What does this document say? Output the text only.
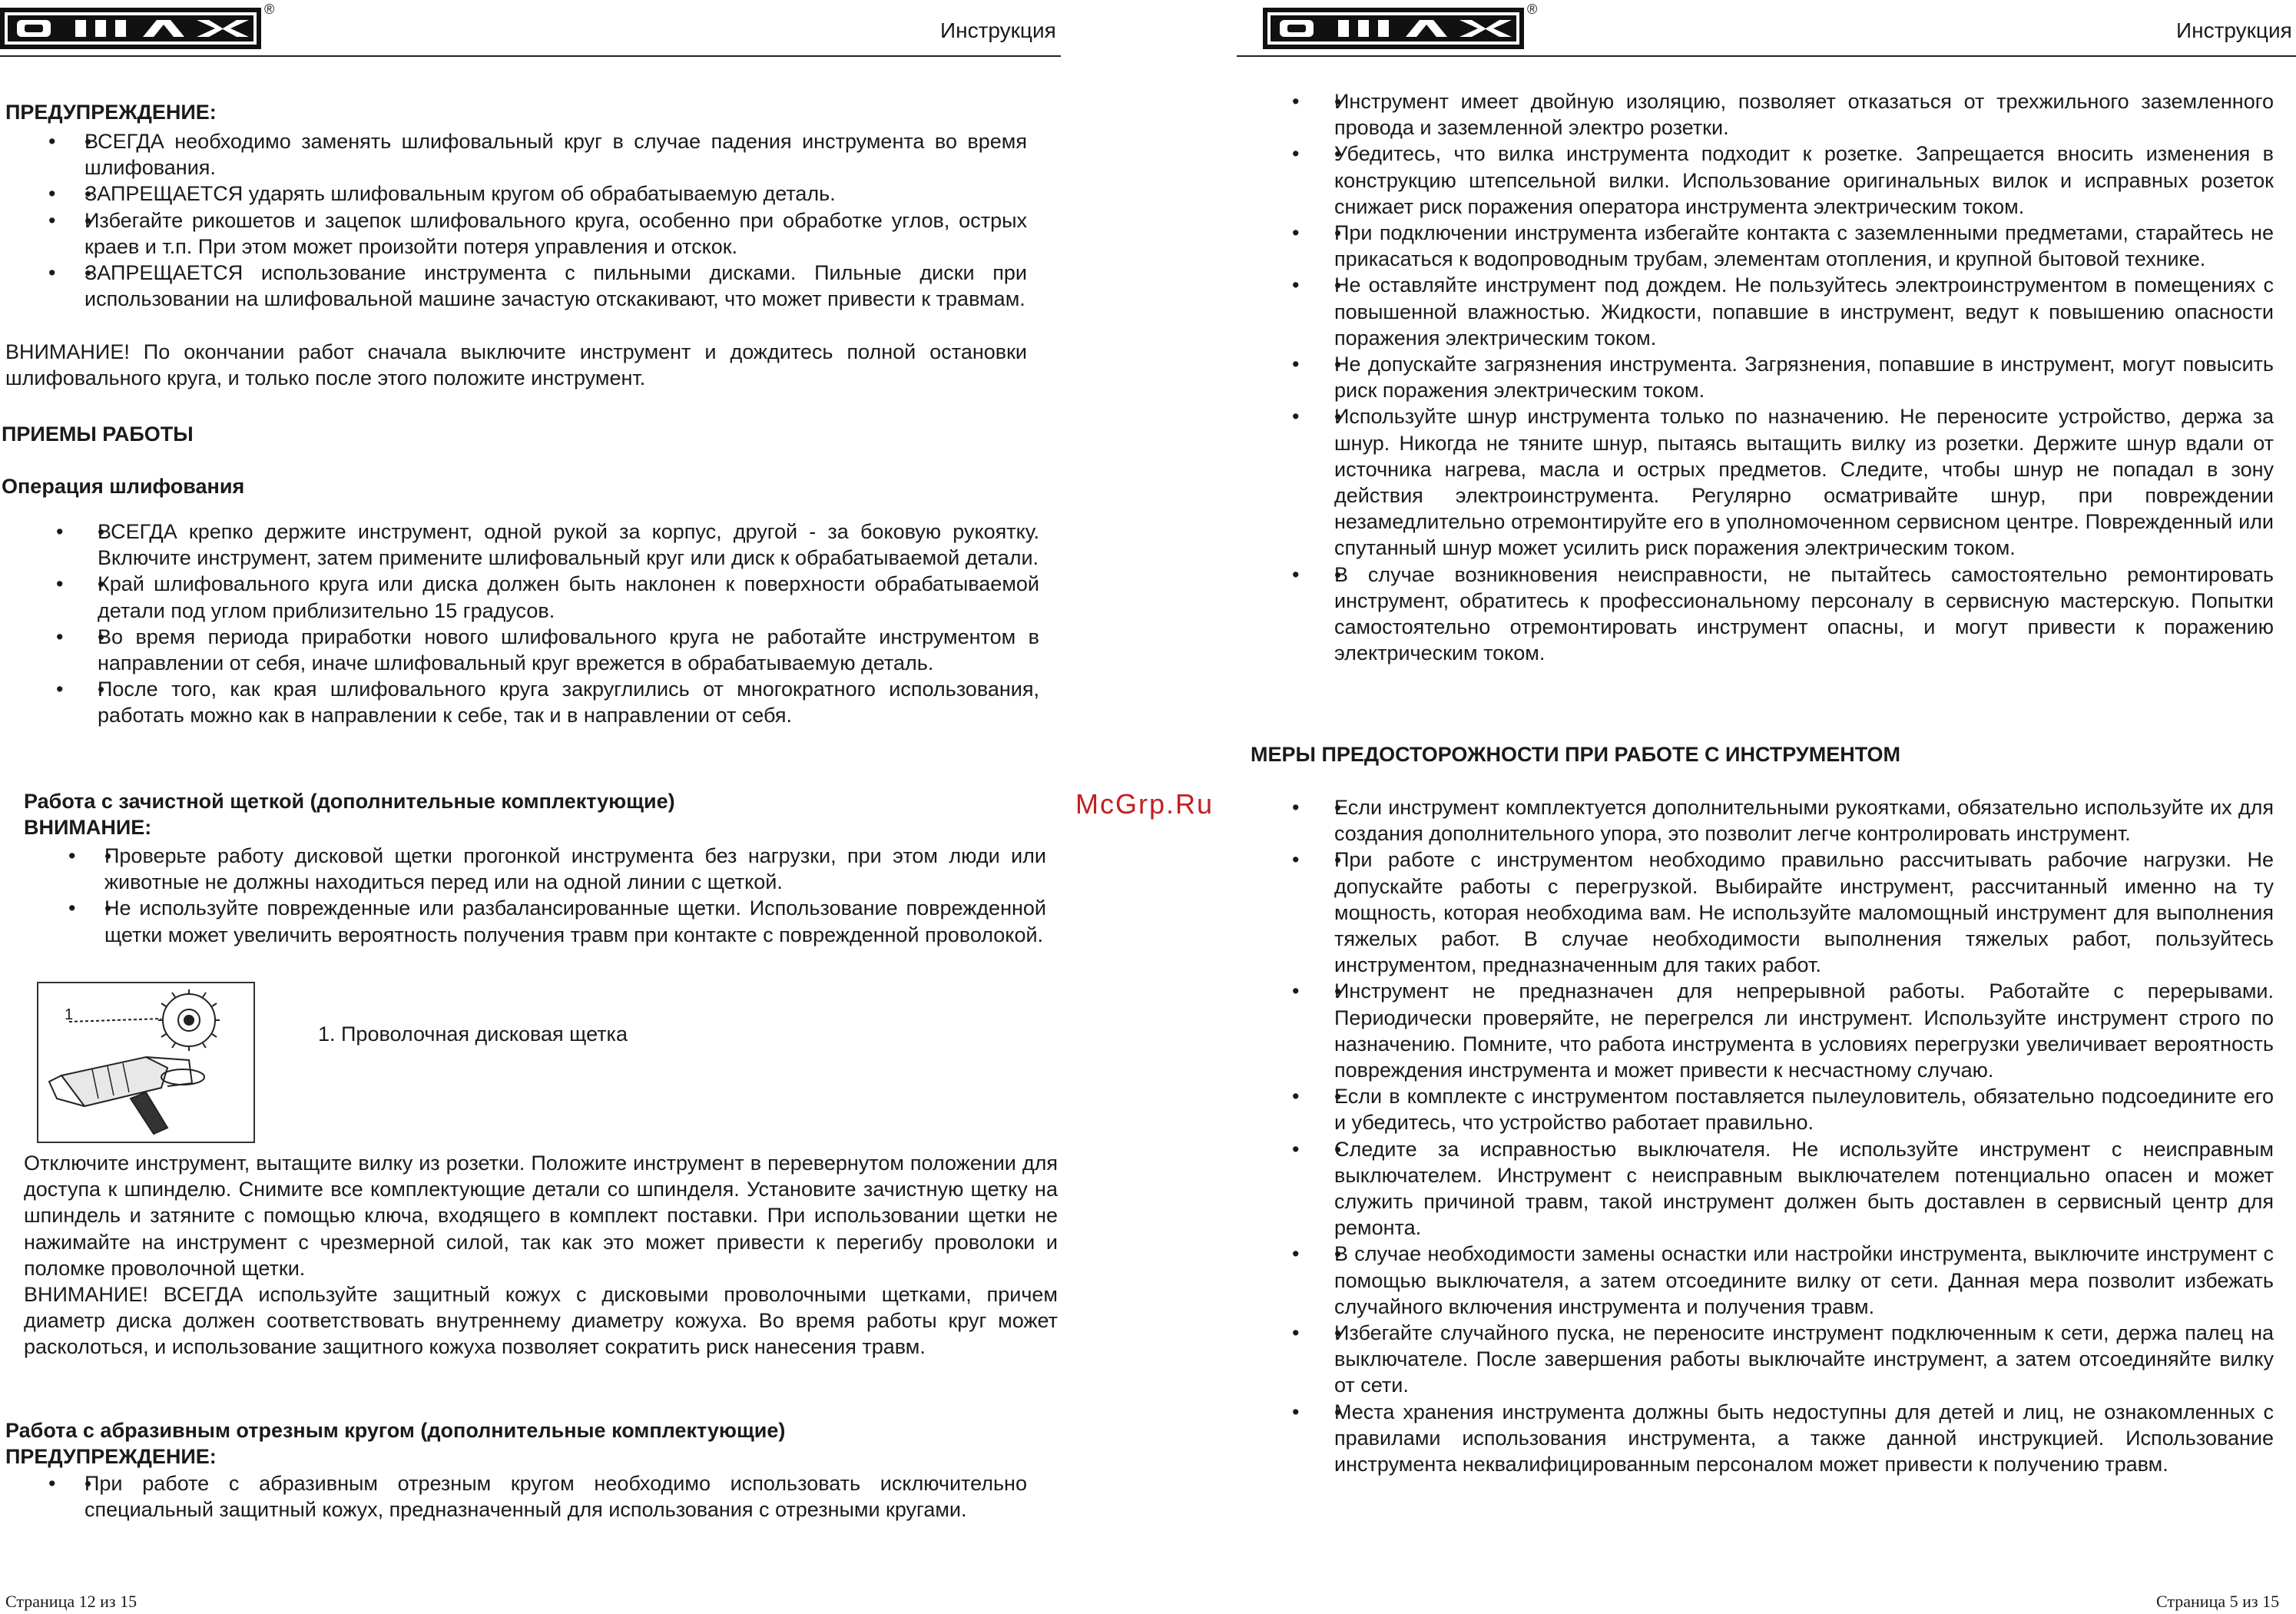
®
Инструкция
ПРЕДУПРЕЖДЕНИЕ:
• • ВСЕГДА необходимо заменять шлифовальный круг в случае падения инструмента во время шлифования.
• • ЗАПРЕЩАЕТСЯ ударять шлифовальным кругом об обрабатываемую деталь.
• • Избегайте рикошетов и зацепок шлифовального круга, особенно при обработке углов, острых краев и т.п. При этом может произойти потеря управления и отскок.
• • ЗАПРЕЩАЕТСЯ использование инструмента с пильными дисками. Пильные диски при использовании на шлифовальной машине зачастую отскакивают, что может привести к травмам.

ВНИМАНИЕ! По окончании работ сначала выключите инструмент и дождитесь полной остановки шлифовального круга, и только после этого положите инструмент.

ПРИЕМЫ РАБОТЫ
Операция шлифования
• • ВСЕГДА крепко держите инструмент, одной рукой за корпус, другой - за боковую рукоятку. Включите инструмент, затем примените шлифовальный круг или диск к обрабатываемой детали.
• • Край шлифовального круга или диска должен быть наклонен к поверхности обрабатываемой детали под углом приблизительно 15 градусов.
• • Во время периода приработки нового шлифовального круга не работайте инструментом в направлении от себя, иначе шлифовальный круг врежется в обрабатываемую деталь.
• • После того, как края шлифовального круга закруглились от многократного использования, работать можно как в направлении к себе, так и в направлении от себя.
Работа с зачистной щеткой (дополнительные комплектующие)
ВНИМАНИЕ:
• • Проверьте работу дисковой щетки прогонкой инструмента без нагрузки, при этом люди или животные не должны находиться перед или на одной линии с щеткой.
• • Не используйте поврежденные или разбалансированные щетки. Использование поврежденной щетки может увеличить вероятность получения травм при контакте с поврежденной проволокой.
1
1. Проволочная дисковая щетка

Отключите инструмент, вытащите вилку из розетки. Положите инструмент в перевернутом положении для доступа к шпинделю. Снимите все комплектующие детали со шпинделя. Установите зачистную щетку на шпиндель и затяните с помощью ключа, входящего в комплект поставки. При использовании щетки не нажимайте на инструмент с чрезмерной силой, так как это может привести к перегибу проволоки и поломке проволочной щетки.

ВНИМАНИЕ! ВСЕГДА используйте защитный кожух с дисковыми проволочными щетками, причем диаметр диска должен соответствовать внутреннему диаметру кожуха. Во время работы круг может расколоться, и использование защитного кожуха позволяет сократить риск нанесения травм.

Работа с абразивным отрезным кругом (дополнительные комплектующие)
ПРЕДУПРЕЖДЕНИЕ:
• • При работе с абразивным отрезным кругом необходимо использовать исключительно специальный защитный кожух, предназначенный для использования с отрезными кругами.
Страница 12 из 15
McGrp.Ru
®
Инструкция
• • Инструмент имеет двойную изоляцию, позволяет отказаться от трехжильного заземленного провода и заземленной электро розетки.
• • Убедитесь, что вилка инструмента подходит к розетке. Запрещается вносить изменения в конструкцию штепсельной вилки. Использование оригинальных вилок и исправных розеток снижает риск поражения оператора инструмента электрическим током.
• • При подключении инструмента избегайте контакта с заземленными предметами, старайтесь не прикасаться к водопроводным трубам, элементам отопления, и крупной бытовой технике.
• • Не оставляйте инструмент под дождем. Не пользуйтесь электроинструментом в помещениях с повышенной влажностью. Жидкости, попавшие в инструмент, ведут к повышению опасности поражения электрическим током.
• • Не допускайте загрязнения инструмента. Загрязнения, попавшие в инструмент, могут повысить риск поражения электрическим током.
• • Используйте шнур инструмента только по назначению. Не переносите устройство, держа за шнур. Никогда не тяните шнур, пытаясь вытащить вилку из розетки. Держите шнур вдали от источника нагрева, масла и острых предметов. Следите, чтобы шнур не попадал в зону действия электроинструмента. Регулярно осматривайте шнур, при повреждении незамедлительно отремонтируйте его в уполномоченном сервисном центре. Поврежденный или спутанный шнур может усилить риск поражения электрическим током.
• • В случае возникновения неисправности, не пытайтесь самостоятельно ремонтировать инструмент, обратитесь к профессиональному персоналу в сервисную мастерскую. Попытки самостоятельно отремонтировать инструмент опасны, и могут привести к поражению электрическим током.
МЕРЫ ПРЕДОСТОРОЖНОСТИ ПРИ РАБОТЕ С ИНСТРУМЕНТОМ
• • Если инструмент комплектуется дополнительными рукоятками, обязательно используйте их для создания дополнительного упора, это позволит легче контролировать инструмент.
• • При работе с инструментом необходимо правильно рассчитывать рабочие нагрузки. Не допускайте работы с перегрузкой. Выбирайте инструмент, рассчитанный именно на ту мощность, которая необходима вам. Не используйте маломощный инструмент для выполнения тяжелых работ. В случае необходимости выполнения тяжелых работ, пользуйтесь инструментом, предназначенным для таких работ.
• • Инструмент не предназначен для непрерывной работы. Работайте с перерывами. Периодически проверяйте, не перегрелся ли инструмент. Используйте инструмент строго по назначению. Помните, что работа инструмента в условиях перегрузки увеличивает вероятность повреждения инструмента и может привести к несчастному случаю.
• • Если в комплекте с инструментом поставляется пылеуловитель, обязательно подсоедините его и убедитесь, что устройство работает правильно.
• • Следите за исправностью выключателя. Не используйте инструмент с неисправным выключателем. Инструмент с неисправным выключателем потенциально опасен и может служить причиной травм, такой инструмент должен быть доставлен в сервисный центр для ремонта.
• • В случае необходимости замены оснастки или настройки инструмента, выключите инструмент с помощью выключателя, а затем отсоедините вилку от сети. Данная мера позволит избежать случайного включения инструмента и получения травм.
• • Избегайте случайного пуска, не переносите инструмент подключенным к сети, держа палец на выключателе. После завершения работы выключайте инструмент, а затем отсоединяйте вилку от сети.
• • Места хранения инструмента должны быть недоступны для детей и лиц, не ознакомленных с правилами использования инструмента, а также данной инструкцией. Использование инструмента неквалифицированным персоналом может привести к получению травм.
Страница 5 из 15
